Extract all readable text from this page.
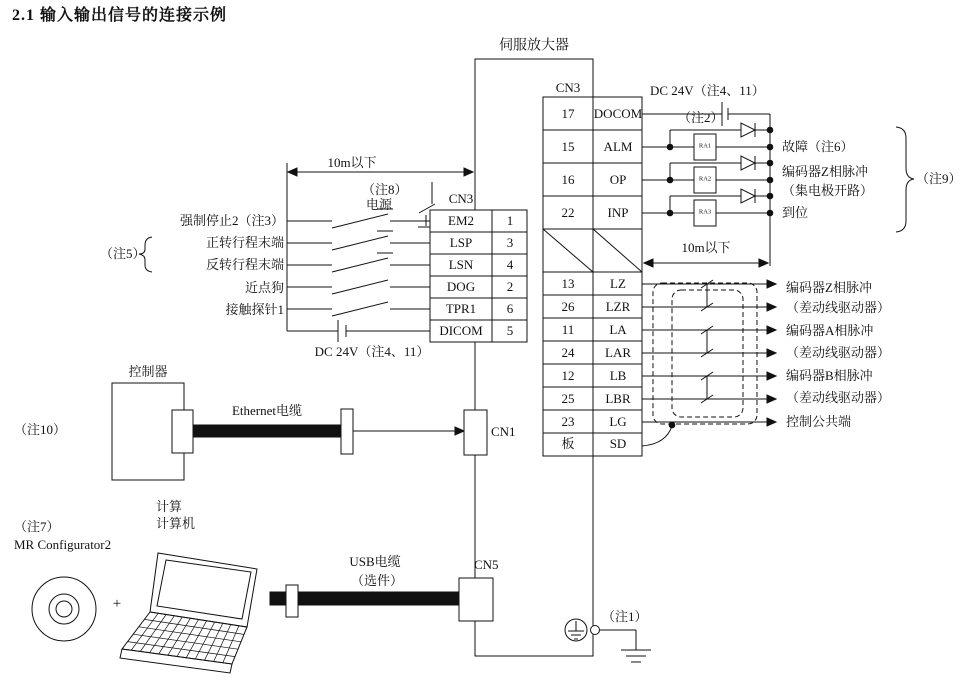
2.1 输入输出信号的连接示例
伺服放大器
CN3
EM2	1
LSP	3
LSN	4
DOG 2
TPR1 6
DICOM 5
CN3
17 DOCOM
15 ALM
16	OP
22	INP
13	LZ
26 LZR
11	LA
24 LAR
12	LB
25 LBR
23	LG
板	SD
10m以下
（注8）
电源
强制停止2（注3）
正转行程末端
反转行程末端
近点狗
接触探针1
（注5）
DC 24V（注4、11）
DC 24V（注4、11）
（注2）
RA1
RA2
RA3
故障（注6）
编码器Z相脉冲
（集电极开路）
到位
（注9）
10m以下
编码器Z相脉冲
（差动线驱动器）
编码器A相脉冲
（差动线驱动器）
编码器B相脉冲
（差动线驱动器）
控制公共端
控制器
（注10）
Ethernet电缆
CN1
（注7）
MR Configurator2
计算
计算机
+
USB电缆
（选件）
CN5
（注1）
